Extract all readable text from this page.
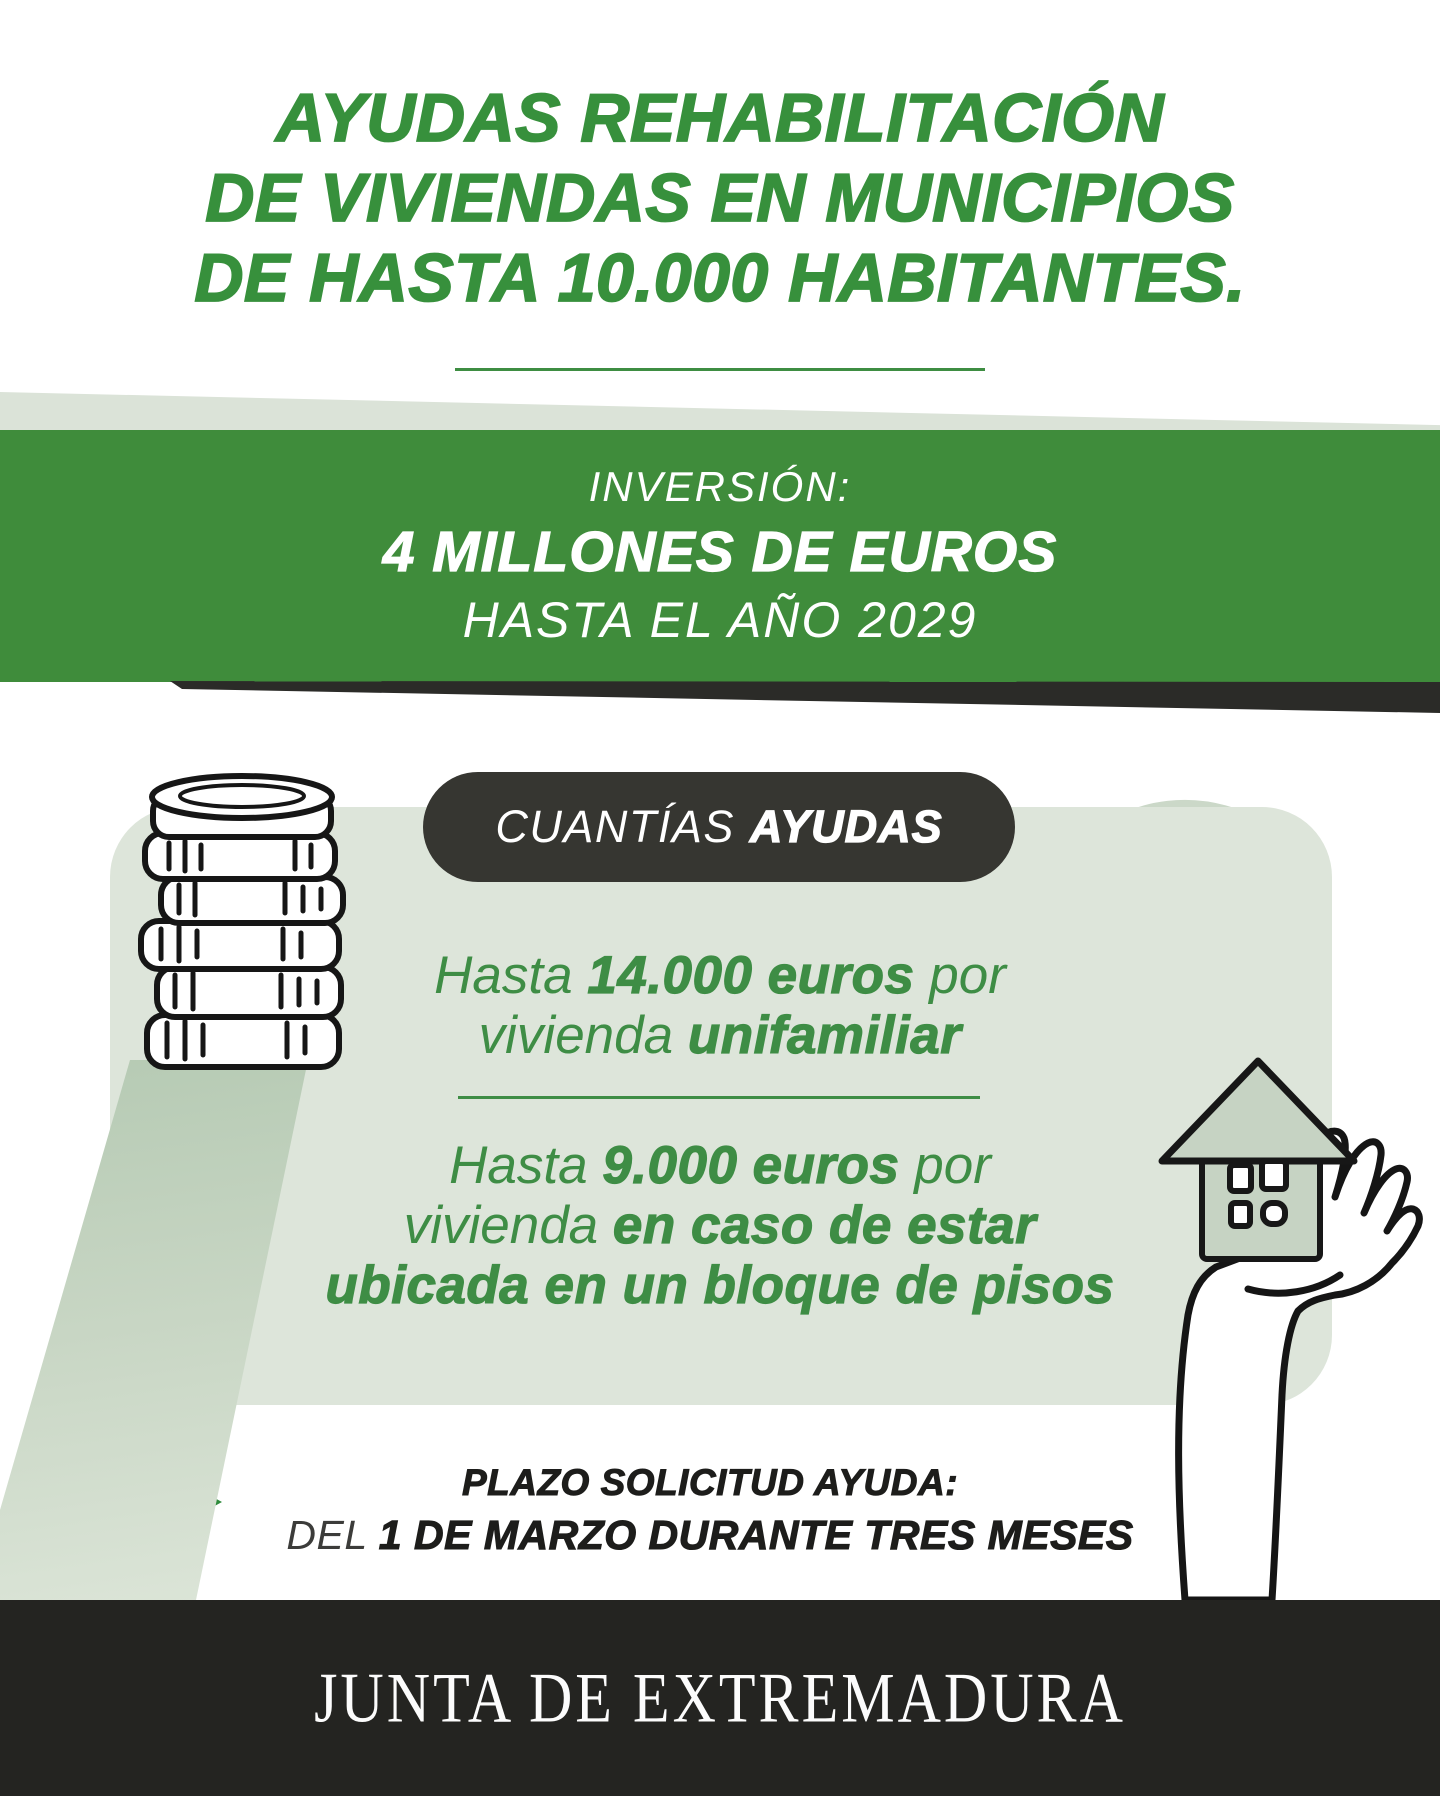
AYUDAS REHABILITACIÓN
DE VIVIENDAS EN MUNICIPIOS
DE HASTA 10.000 HABITANTES.
INVERSIÓN:
4 MILLONES DE EUROS
HASTA EL AÑO 2029
CUANTÍAS AYUDAS
Hasta 14.000 euros por
vivienda unifamiliar
Hasta 9.000 euros por
vivienda en caso de estar
ubicada en un bloque de pisos
PLAZO SOLICITUD AYUDA:
DEL 1 DE MARZO DURANTE TRES MESES
JUNTA DE EXTREMADURA
